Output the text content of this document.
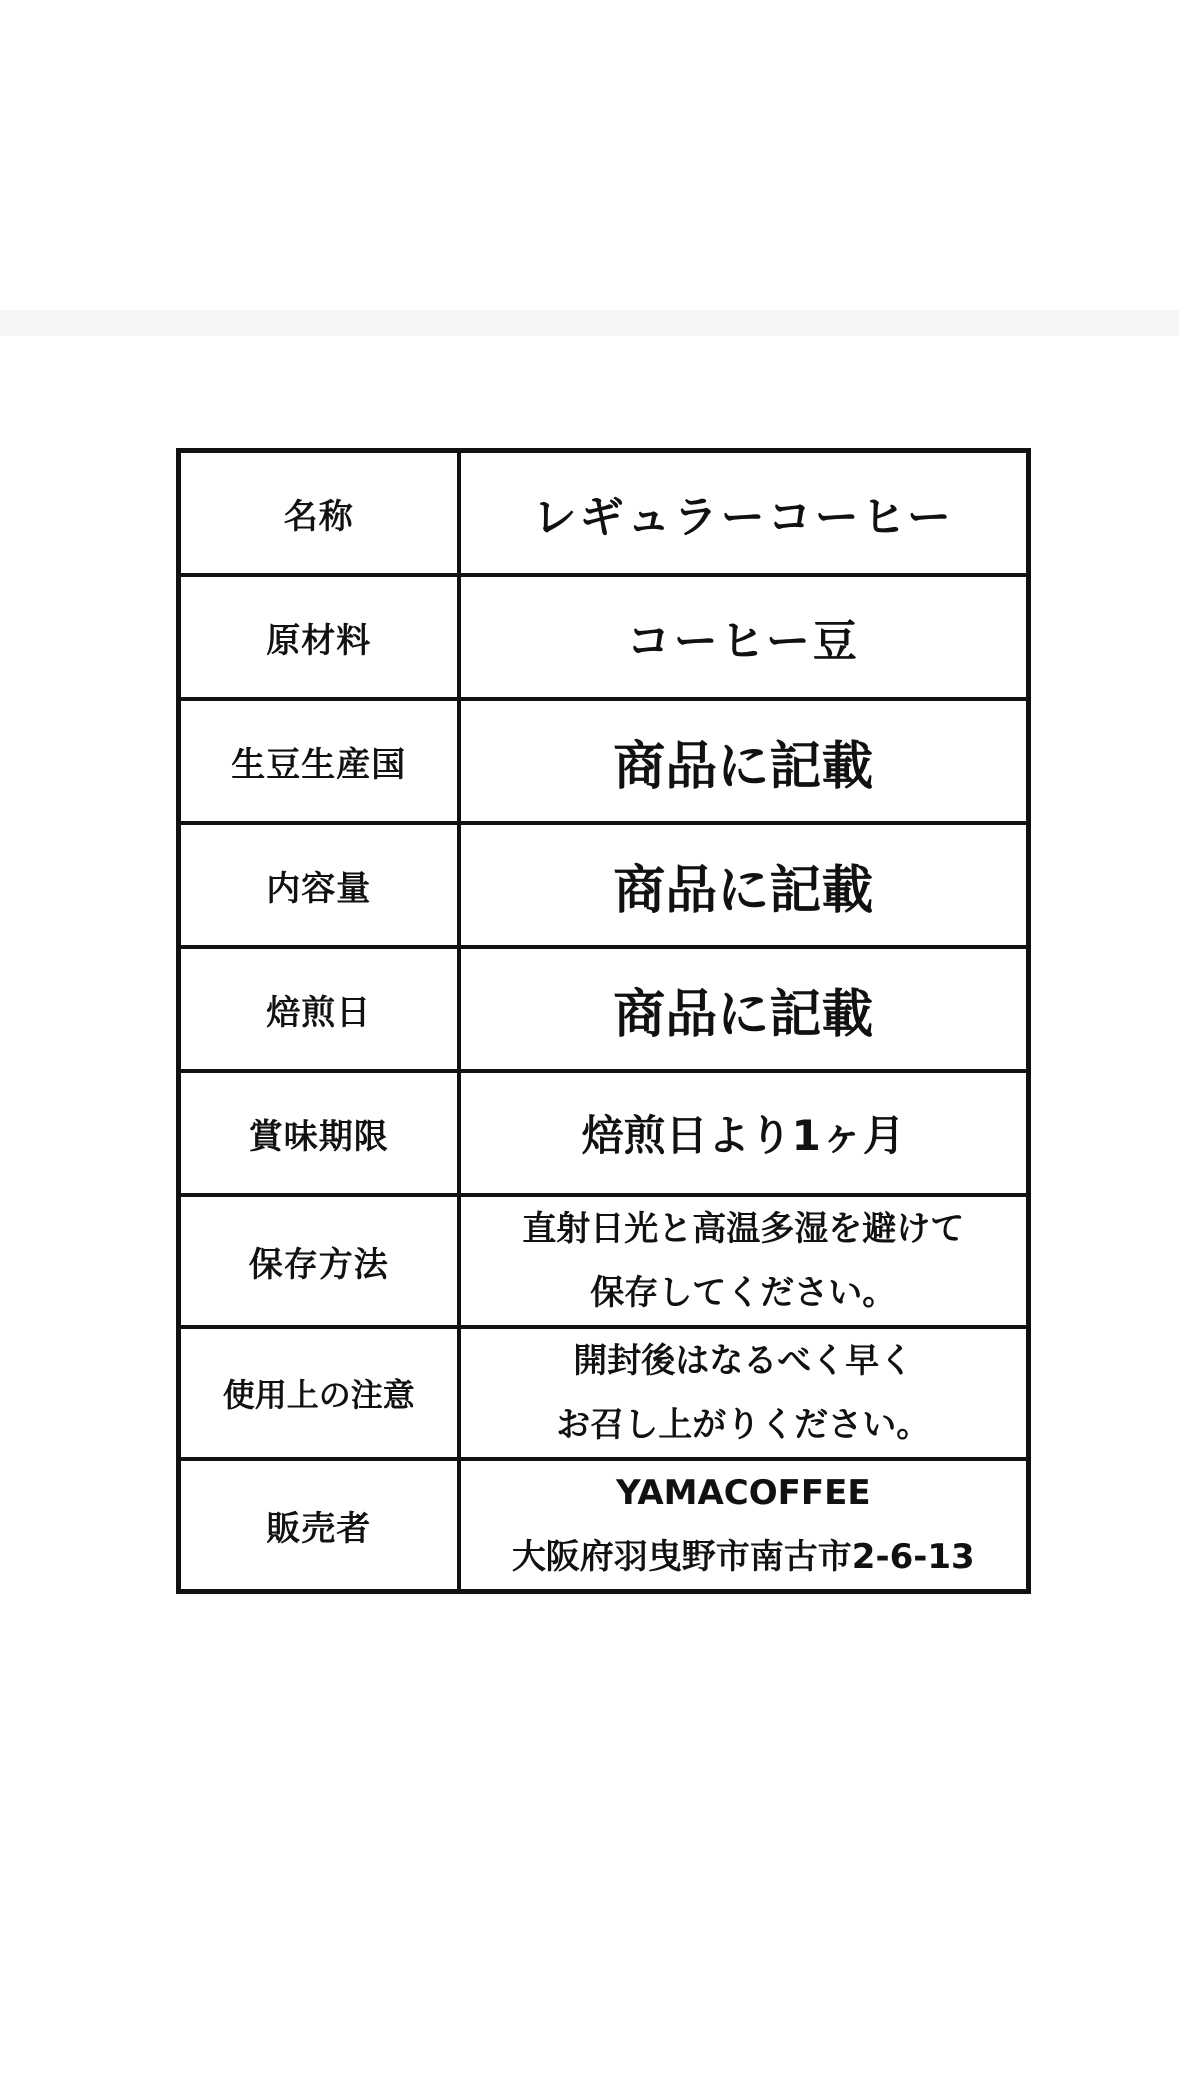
名称	レギュラーコーヒー
原材料	コーヒー豆
生豆生産国	商品に記載
内容量	商品に記載
焙煎日	商品に記載
賞味期限	焙煎日より1ヶ月
保存方法	直射日光と高温多湿を避けて
保存してください。

使用上の注意	開封後はなるべく早く
お召し上がりください。

販売者	YAMACOFFEE
大阪府羽曳野市南古市2-6-13
